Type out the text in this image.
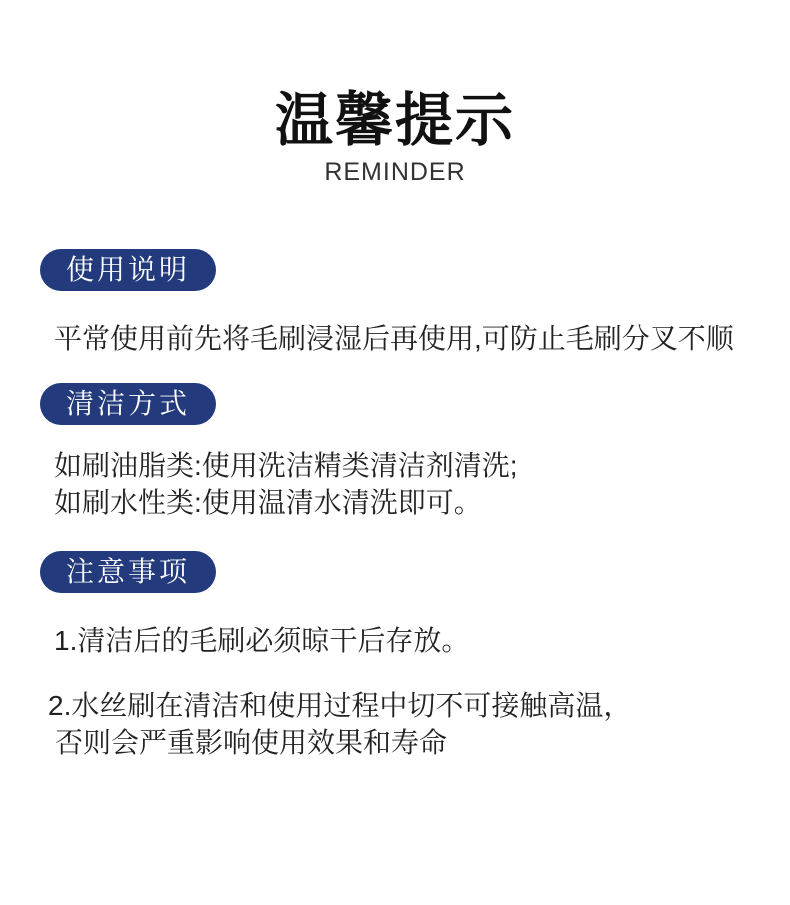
温馨提示
REMINDER
使用说明

平常使用前先将毛刷浸湿后再使用,可防止毛刷分叉不顺

清洁方式

如刷油脂类:使用洗洁精类清洁剂清洗;
如刷水性类:使用温清水清洗即可。

注意事项

1.清洁后的毛刷必须晾干后存放。

2.水丝刷在清洁和使用过程中切不可接触高温，
否则会严重影响使用效果和寿命
